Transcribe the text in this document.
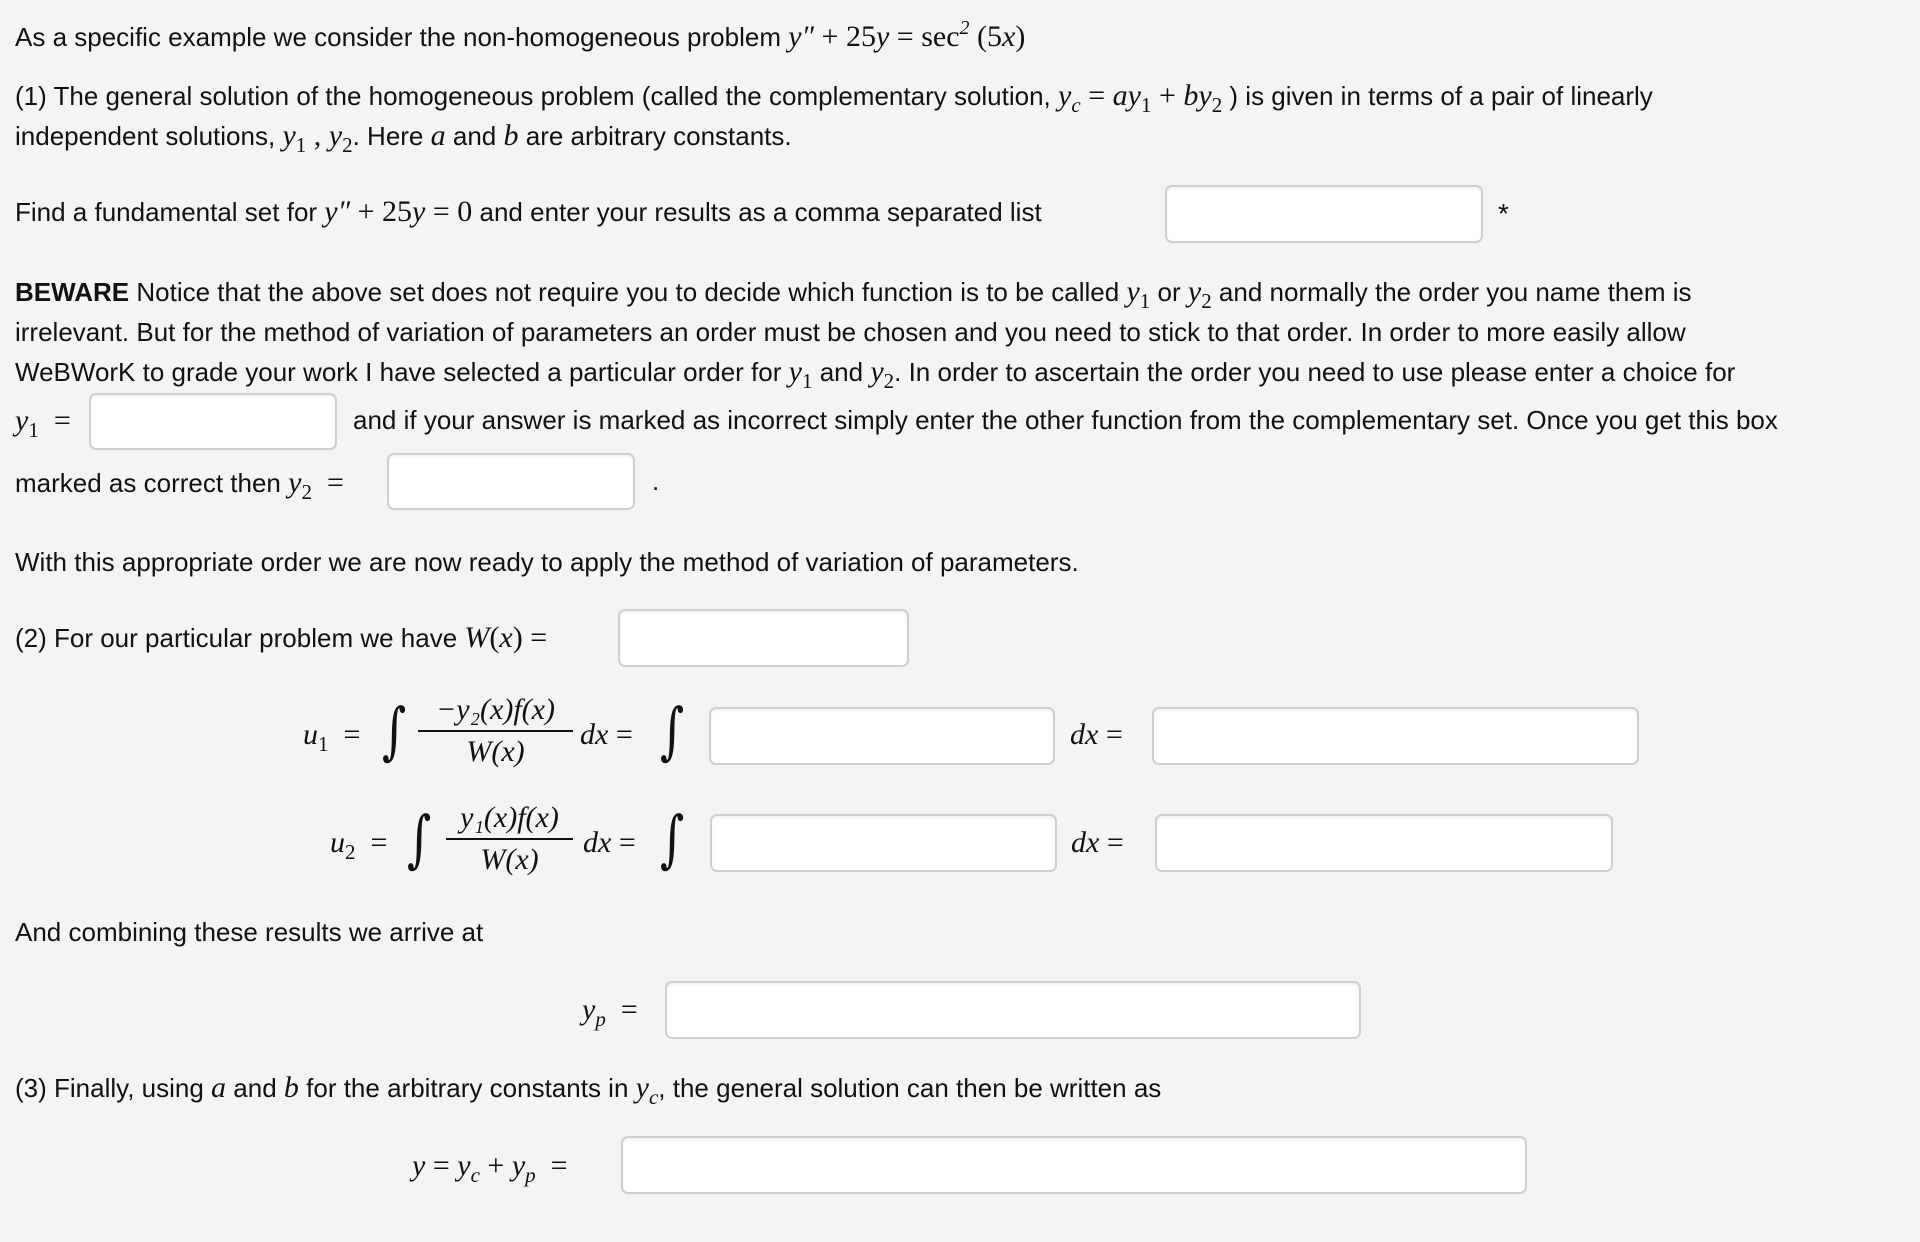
As a specific example we consider the non-homogeneous problem $y'' + 25y = \sec^2 (5x)$
(1) The general solution of the homogeneous problem (called the complementary solution, $y_c = ay_1 + by_2$ ) is given in terms of a pair of linearly
independent solutions, $y_1$ , $y_2$. Here a and b are arbitrary constants.
Find a fundamental set for y″ + 25y = 0 and enter your results as a comma separated list	*
BEWARE Notice that the above set does not require you to decide which function is to be called $y_1$ or $y_2$ and normally the order you name them is
irrelevant. But for the method of variation of parameters an order must be chosen and you need to stick to that order. In order to more easily allow
WeBWorK to grade your work I have selected a particular order for $y_1$ and $y_2$. In order to ascertain the order you need to use please enter a choice for
$y_1$  =	and if your answer is marked as incorrect simply enter the other function from the complementary set. Once you get this box
marked as correct then $y_2$  =	.
With this appropriate order we are now ready to apply the method of variation of parameters.
(2) For our particular problem we have W(x) =
$u_1$  = ∫ −y₂(x)f(x)
W(x)
dx = ∫	dx =
$u_2$  = ∫ y₁(x)f(x)
W(x)
dx = ∫	dx =
And combining these results we arrive at
$y_p$  =
(3) Finally, using a and b for the arbitrary constants in $y_c$, the general solution can then be written as
$y = y_c + y_p$  =
